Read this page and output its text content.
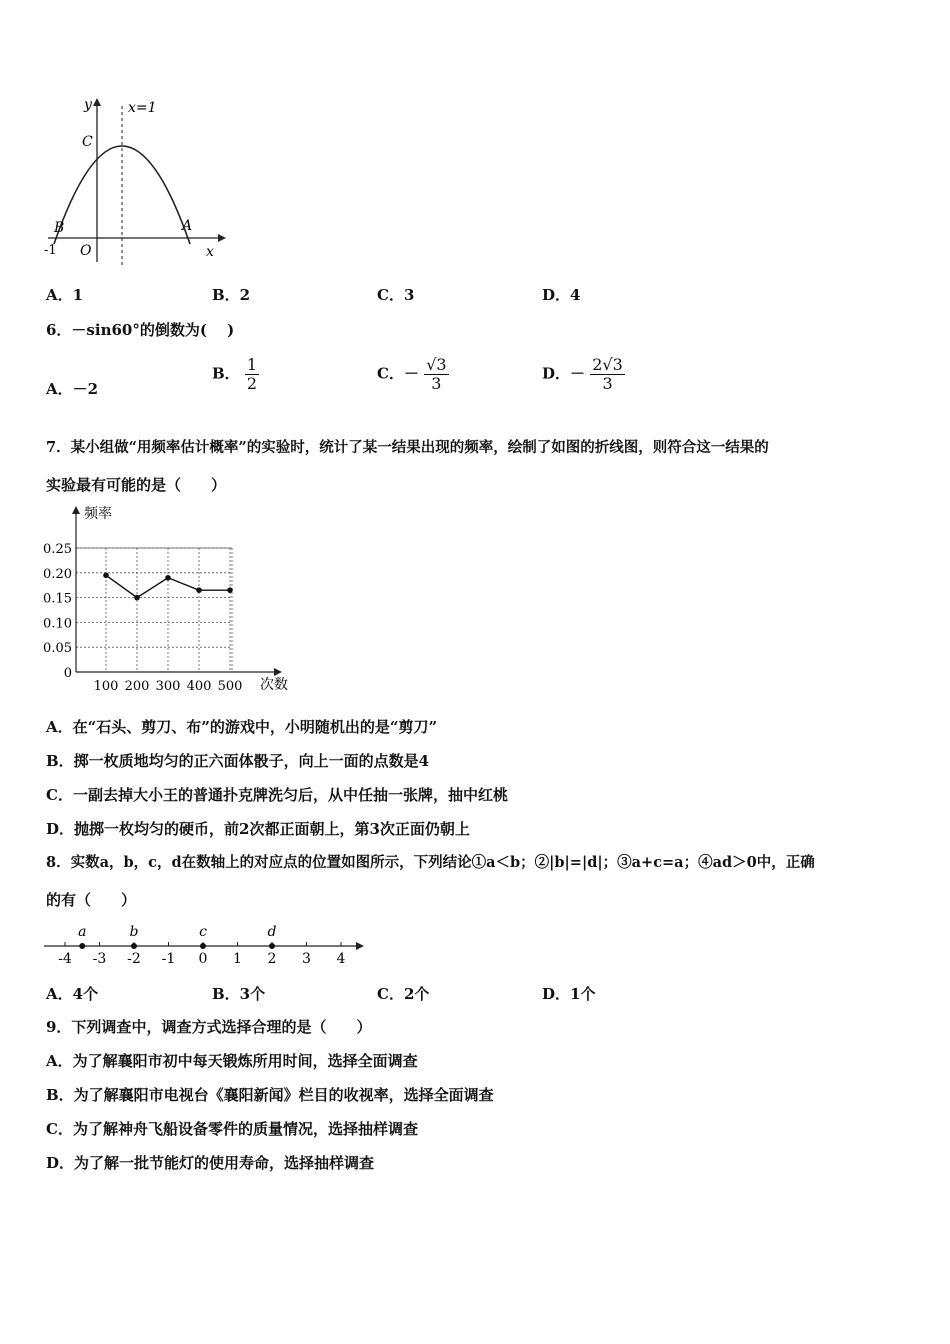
y	x=1
C
B	A
-1 O	x
A．1	B．2	C．3	D．4
6．－sin60°的倒数为(　 )
A．－2
B． $\frac{1}{2}$	C．－ $\frac{√3}{3}$	D．－ $\frac{2√3}{3}$
7．某小组做“用频率估计概率”的实验时，统计了某一结果出现的频率，绘制了如图的折线图，则符合这一结果的
实验最有可能的是（　　）
频率
次数
0.25
0.20
0.15
0.10
0.05
0
100 200 300 400 500
A．在“石头、剪刀、布”的游戏中，小明随机出的是“剪刀”
B．掷一枚质地均匀的正六面体骰子，向上一面的点数是4
C．一副去掉大小王的普通扑克牌洗匀后，从中任抽一张牌，抽中红桃
D．抛掷一枚均匀的硬币，前2次都正面朝上，第3次正面仍朝上
8．实数a，b，c，d在数轴上的对应点的位置如图所示，下列结论①a＜b；②|b|=|d|；③a+c=a；④ad＞0中，正确
的有（　　）
-4 -3 -2 -1 0 1 2 3 4
a	b	c	d
A．4个	B．3个	C．2个	D．1个
9．下列调查中，调查方式选择合理的是（　　）
A．为了解襄阳市初中每天锻炼所用时间，选择全面调查
B．为了解襄阳市电视台《襄阳新闻》栏目的收视率，选择全面调查
C．为了解神舟飞船设备零件的质量情况，选择抽样调查
D．为了解一批节能灯的使用寿命，选择抽样调查
